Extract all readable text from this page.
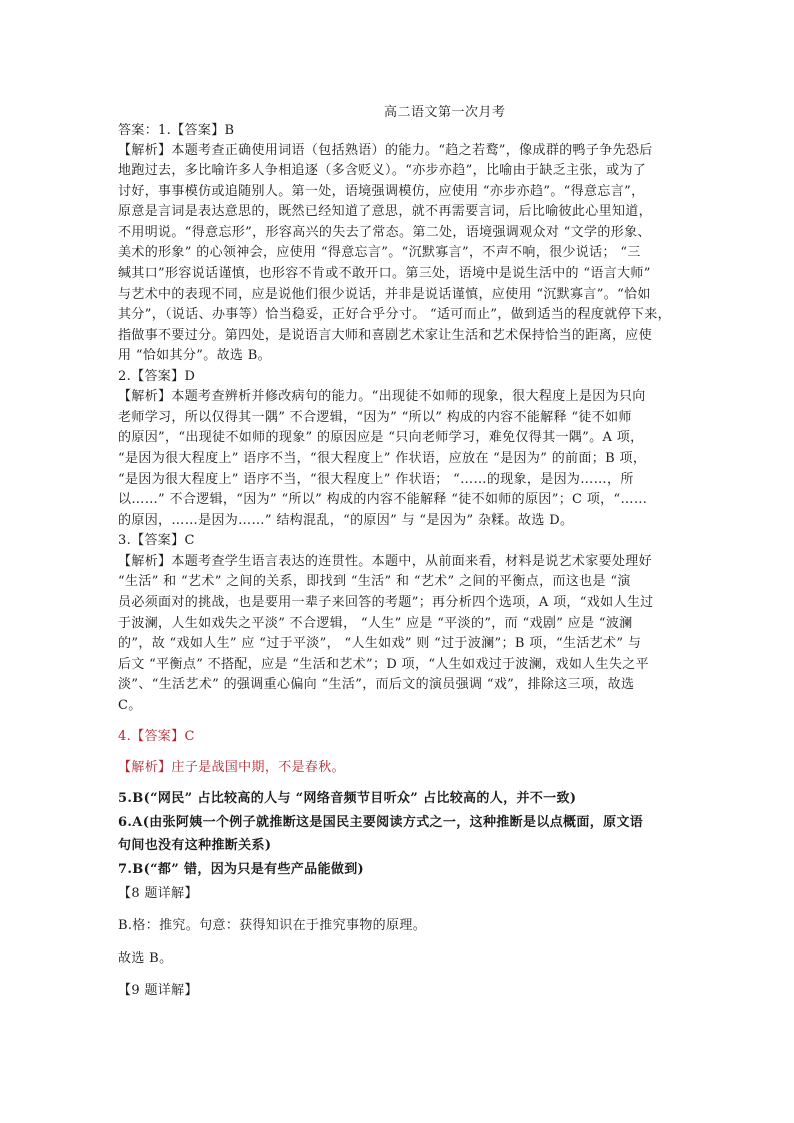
高二语文第一次月考
答案：1.【答案】B
【解析】本题考查正确使用词语（包括熟语）的能力。“趋之若鹜”，像成群的鸭子争先恐后
地跑过去，多比喻许多人争相追逐（多含贬义）。“亦步亦趋”，比喻由于缺乏主张，或为了
讨好，事事模仿或追随别人。第一处，语境强调模仿，应使用 “亦步亦趋”。“得意忘言”，
原意是言词是表达意思的，既然已经知道了意思，就不再需要言词，后比喻彼此心里知道，
不用明说。“得意忘形”，形容高兴的失去了常态。第二处，语境强调观众对 “文学的形象、
美术的形象” 的心领神会，应使用 “得意忘言”。“沉默寡言”，不声不响，很少说话； “三
缄其口”形容说话谨慎，也形容不肯或不敢开口。第三处，语境中是说生活中的 “语言大师”
与艺术中的表现不同，应是说他们很少说话，并非是说话谨慎，应使用 “沉默寡言”。“恰如
其分”，（说话、办事等）恰当稳妥，正好合乎分寸。 “适可而止”，做到适当的程度就停下来，
指做事不要过分。第四处，是说语言大师和喜剧艺术家让生活和艺术保持恰当的距离，应使
用 “恰如其分”。故选 B。
2.【答案】D
【解析】本题考查辨析并修改病句的能力。“出现徒不如师的现象，很大程度上是因为只向
老师学习，所以仅得其一隅” 不合逻辑，“因为” “所以” 构成的内容不能解释 “徒不如师
的原因”，“出现徒不如师的现象” 的原因应是 “只向老师学习，难免仅得其一隅”。A 项，
“是因为很大程度上” 语序不当，“很大程度上” 作状语，应放在 “是因为” 的前面；B 项，
“是因为很大程度上” 语序不当，“很大程度上” 作状语； “……的现象，是因为……，所
以……” 不合逻辑，“因为” “所以” 构成的内容不能解释 “徒不如师的原因”；C 项，“……
的原因，……是因为……” 结构混乱，“的原因” 与 “是因为” 杂糅。故选 D。
3.【答案】C
【解析】本题考查学生语言表达的连贯性。本题中，从前面来看，材料是说艺术家要处理好
“生活” 和 “艺术” 之间的关系，即找到 “生活” 和 “艺术” 之间的平衡点，而这也是 “演
员必须面对的挑战，也是要用一辈子来回答的考题”；再分析四个选项，A 项，“戏如人生过
于波澜，人生如戏失之平淡” 不合逻辑， “人生” 应是 “平淡的”，而 “戏剧” 应是 “波澜
的”，故 “戏如人生” 应 “过于平淡”， “人生如戏” 则 “过于波澜”；B 项，“生活艺术” 与
后文 “平衡点” 不搭配，应是 “生活和艺术”；D 项，“人生如戏过于波澜，戏如人生失之平
淡”、“生活艺术” 的强调重心偏向 “生活”，而后文的演员强调 “戏”，排除这三项，故选
C。
4.【答案】C
【解析】庄子是战国中期，不是春秋。
5.B(“网民” 占比较高的人与 “网络音频节目听众” 占比较高的人，并不一致)
6.A(由张阿姨一个例子就推断这是国民主要阅读方式之一，这种推断是以点概面，原文语
句间也没有这种推断关系)
7.B(“都” 错，因为只是有些产品能做到)
【8 题详解】
B.格：推究。句意：获得知识在于推究事物的原理。
故选 B。
【9 题详解】
